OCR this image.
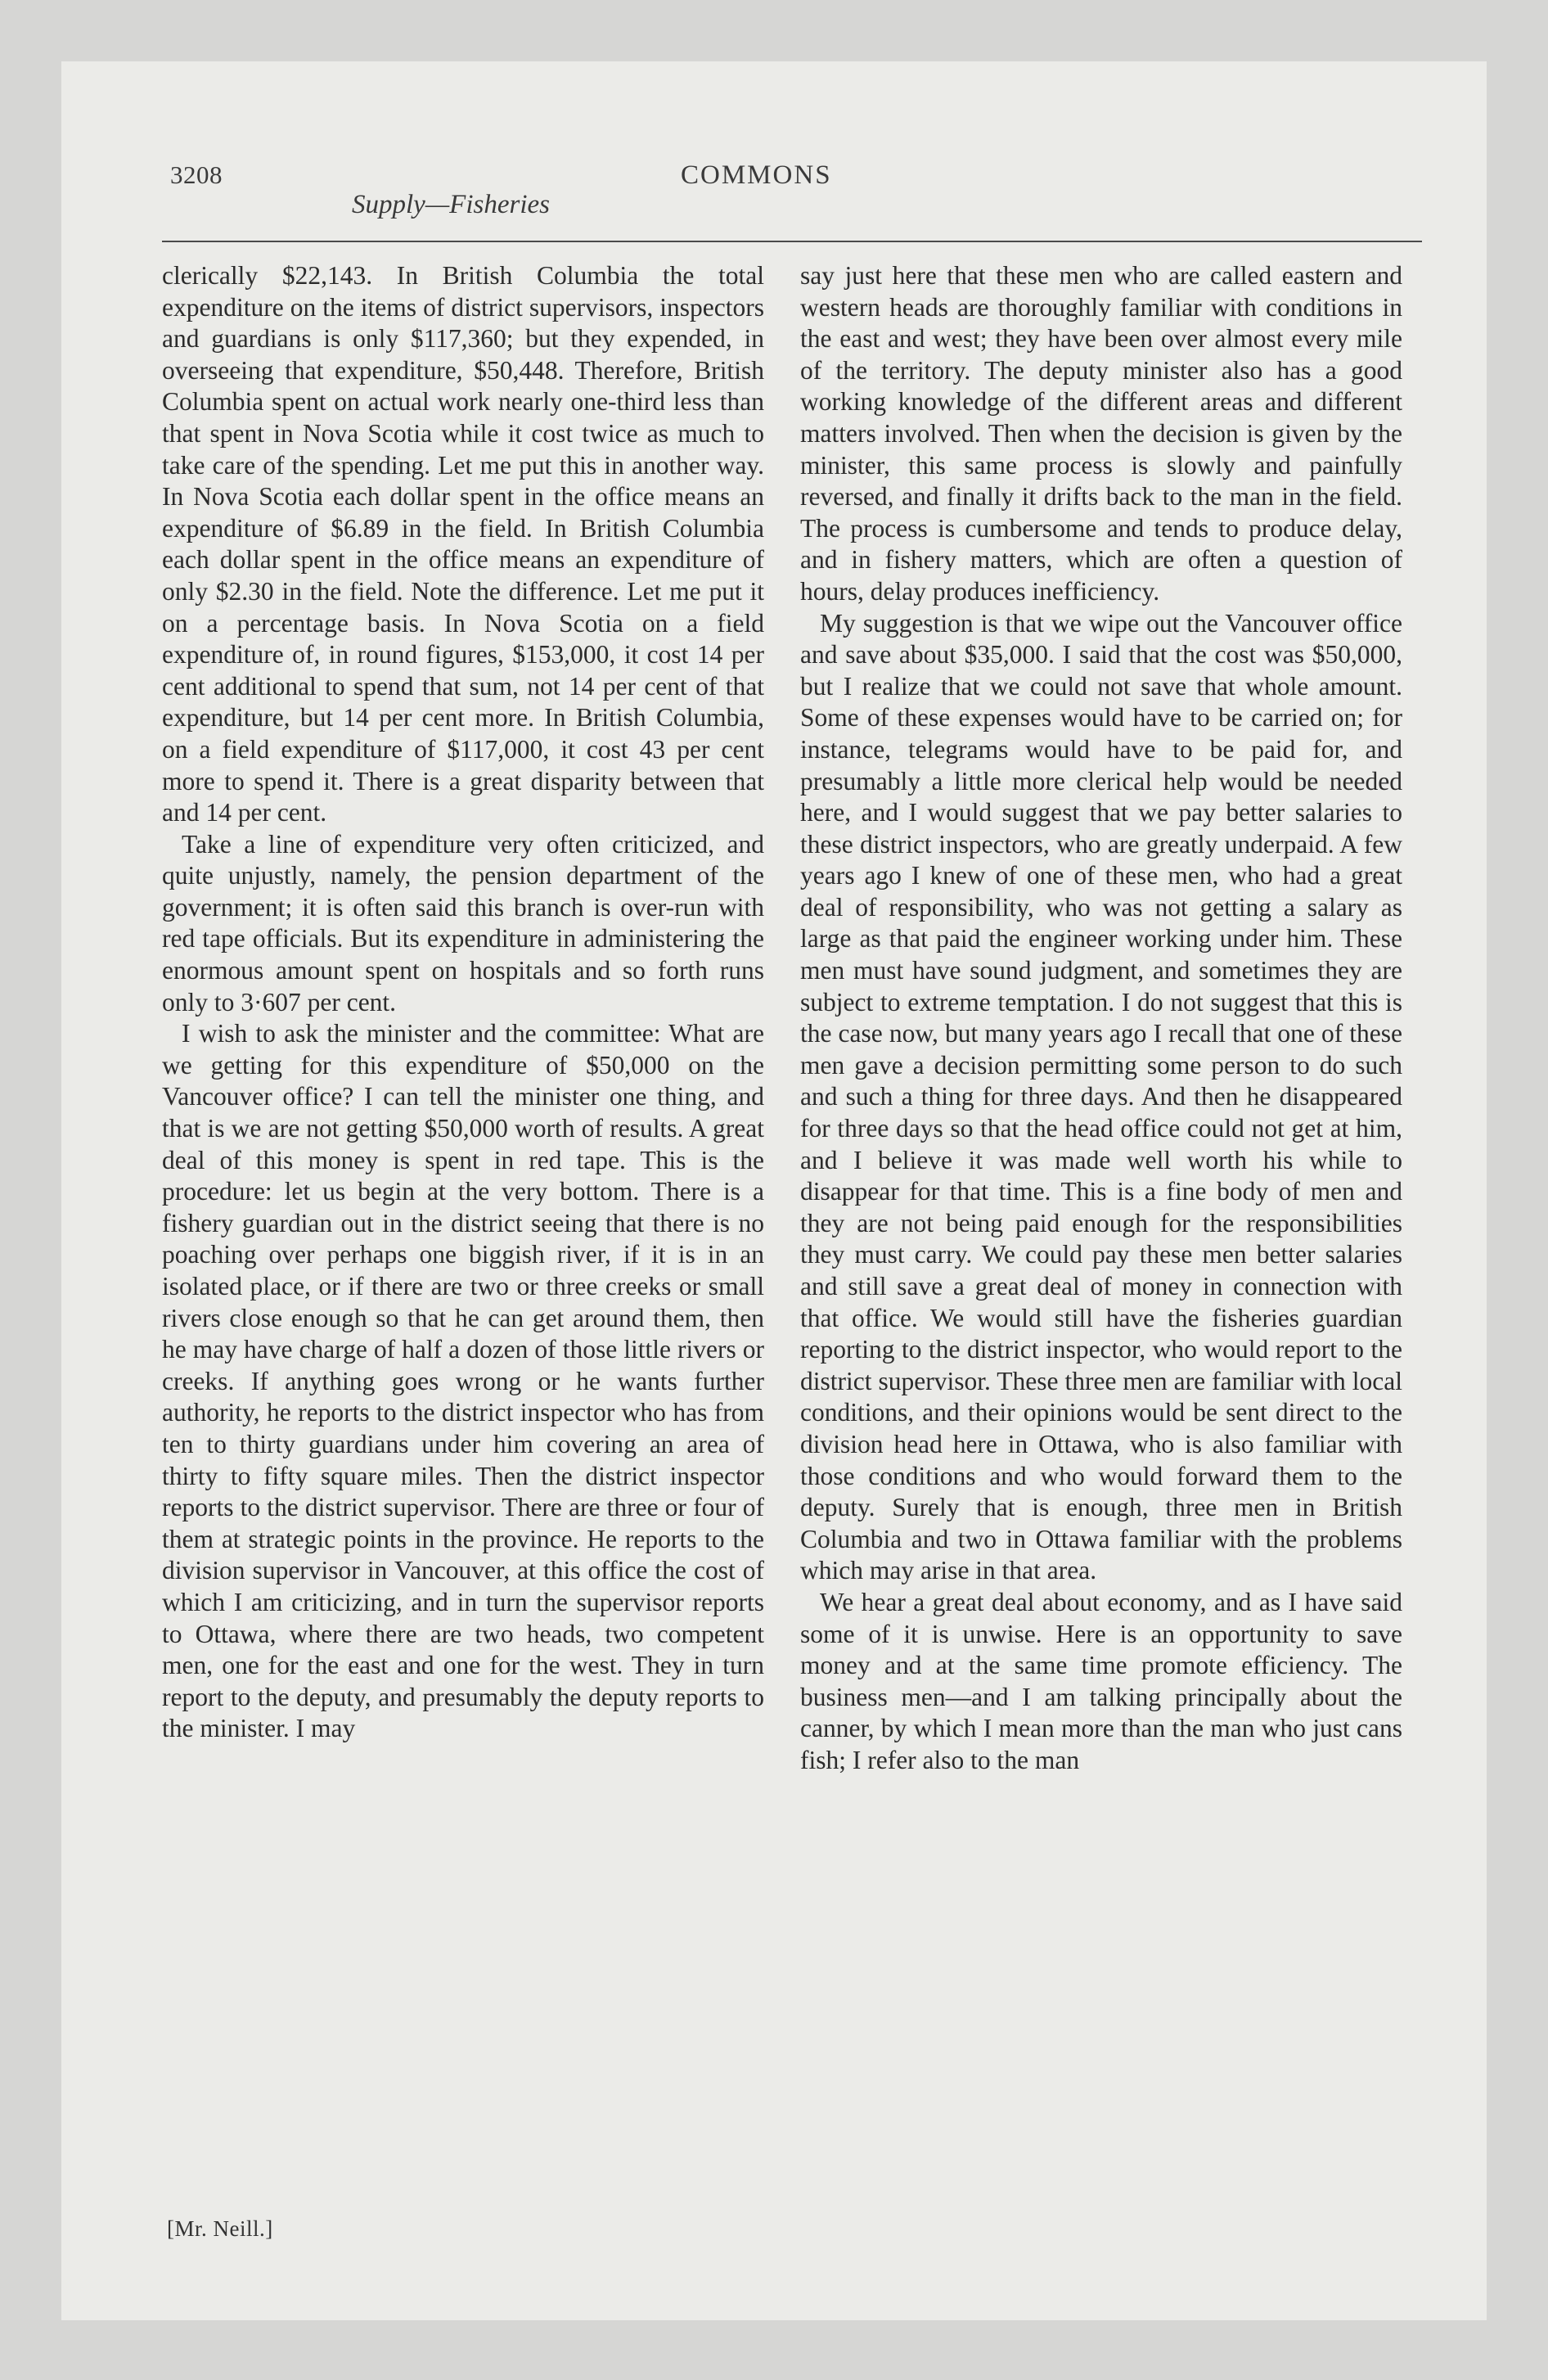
3208	COMMONS
Supply—Fisheries

clerically $22,143. In British Columbia the total expenditure on the items of district supervisors, inspectors and guardians is only $117,360; but they expended, in overseeing that expenditure, $50,448. Therefore, British Columbia spent on actual work nearly one-third less than that spent in Nova Scotia while it cost twice as much to take care of the spending. Let me put this in another way. In Nova Scotia each dollar spent in the office means an expenditure of $6.89 in the field. In British Columbia each dollar spent in the office means an expenditure of only $2.30 in the field. Note the difference. Let me put it on a percentage basis. In Nova Scotia on a field expenditure of, in round figures, $153,000, it cost 14 per cent additional to spend that sum, not 14 per cent of that expenditure, but 14 per cent more. In British Columbia, on a field expenditure of $117,000, it cost 43 per cent more to spend it. There is a great disparity between that and 14 per cent.

Take a line of expenditure very often criticized, and quite unjustly, namely, the pension department of the government; it is often said this branch is over-run with red tape officials. But its expenditure in administering the enormous amount spent on hospitals and so forth runs only to 3·607 per cent.

I wish to ask the minister and the committee: What are we getting for this expenditure of $50,000 on the Vancouver office? I can tell the minister one thing, and that is we are not getting $50,000 worth of results. A great deal of this money is spent in red tape. This is the procedure: let us begin at the very bottom. There is a fishery guardian out in the district seeing that there is no poaching over perhaps one biggish river, if it is in an isolated place, or if there are two or three creeks or small rivers close enough so that he can get around them, then he may have charge of half a dozen of those little rivers or creeks. If anything goes wrong or he wants further authority, he reports to the district inspector who has from ten to thirty guardians under him covering an area of thirty to fifty square miles. Then the district inspector reports to the district supervisor. There are three or four of them at strategic points in the province. He reports to the division supervisor in Vancouver, at this office the cost of which I am criticizing, and in turn the supervisor reports to Ottawa, where there are two heads, two competent men, one for the east and one for the west. They in turn report to the deputy, and presumably the deputy reports to the minister. I may

[Mr. Neill.]

say just here that these men who are called eastern and western heads are thoroughly familiar with conditions in the east and west; they have been over almost every mile of the territory. The deputy minister also has a good working knowledge of the different areas and different matters involved. Then when the decision is given by the minister, this same process is slowly and painfully reversed, and finally it drifts back to the man in the field. The process is cumbersome and tends to produce delay, and in fishery matters, which are often a question of hours, delay produces inefficiency.

My suggestion is that we wipe out the Vancouver office and save about $35,000. I said that the cost was $50,000, but I realize that we could not save that whole amount. Some of these expenses would have to be carried on; for instance, telegrams would have to be paid for, and presumably a little more clerical help would be needed here, and I would suggest that we pay better salaries to these district inspectors, who are greatly underpaid. A few years ago I knew of one of these men, who had a great deal of responsibility, who was not getting a salary as large as that paid the engineer working under him. These men must have sound judgment, and sometimes they are subject to extreme temptation. I do not suggest that this is the case now, but many years ago I recall that one of these men gave a decision permitting some person to do such and such a thing for three days. And then he disappeared for three days so that the head office could not get at him, and I believe it was made well worth his while to disappear for that time. This is a fine body of men and they are not being paid enough for the responsibilities they must carry. We could pay these men better salaries and still save a great deal of money in connection with that office. We would still have the fisheries guardian reporting to the district inspector, who would report to the district supervisor. These three men are familiar with local conditions, and their opinions would be sent direct to the division head here in Ottawa, who is also familiar with those conditions and who would forward them to the deputy. Surely that is enough, three men in British Columbia and two in Ottawa familiar with the problems which may arise in that area.

We hear a great deal about economy, and as I have said some of it is unwise. Here is an opportunity to save money and at the same time promote efficiency. The business men—and I am talking principally about the canner, by which I mean more than the man who just cans fish; I refer also to the man
